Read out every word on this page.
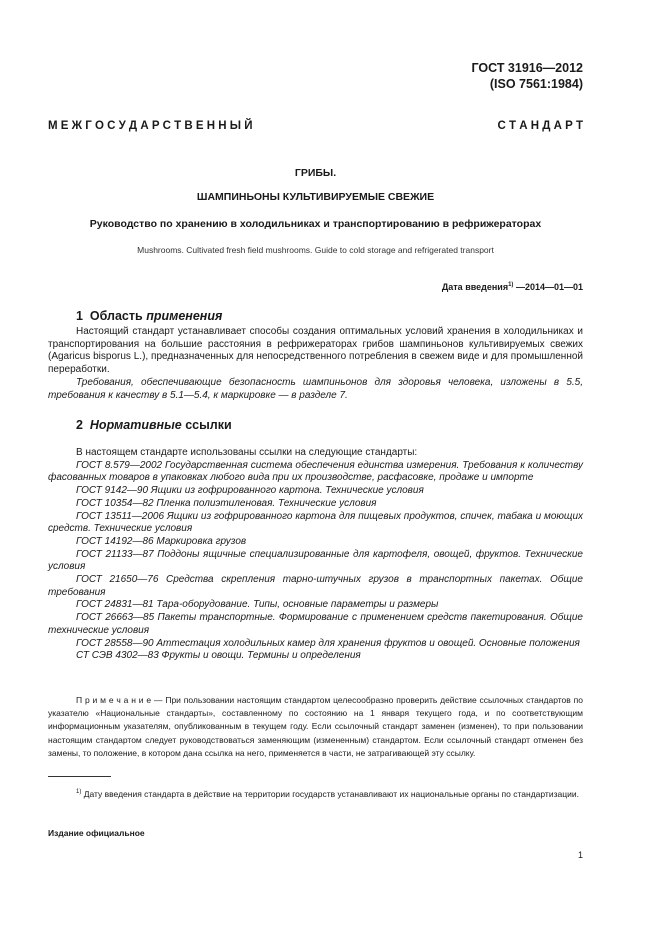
ГОСТ 31916—2012
(ISO 7561:1984)
М Е Ж Г О С У Д А Р С Т В Е Н Н Ы Й	С Т А Н Д А Р Т
ГРИБЫ.
ШАМПИНЬОНЫ КУЛЬТИВИРУЕМЫЕ СВЕЖИЕ
Руководство по хранению в холодильниках и транспортированию в рефрижераторах
Mushrooms. Cultivated fresh field mushrooms. Guide to cold storage and refrigerated transport
Дата введения$^{1)}$ —2014—01—01
1 Область применения

Настоящий стандарт устанавливает способы создания оптимальных условий хранения в холодильниках и транспортирования на большие расстояния в рефрижераторах грибов шампиньонов культивируемых свежих (Agaricus bisporus L.), предназначенных для непосредственного потребления в свежем виде и для промышленной переработки.

Требования, обеспечивающие безопасность шампиньонов для здоровья человека, изложены в 5.5, требования к качеству в 5.1—5.4, к маркировке — в разделе 7.

2 Нормативные ссылки

В настоящем стандарте использованы ссылки на следующие стандарты:

ГОСТ 8.579—2002 Государственная система обеспечения единства измерения. Требования к количеству фасованных товаров в упаковках любого вида при их производстве, расфасовке, продаже и импорте

ГОСТ 9142—90 Ящики из гофрированного картона. Технические условия

ГОСТ 10354—82 Пленка полиэтиленовая. Технические условия

ГОСТ 13511—2006 Ящики из гофрированного картона для пищевых продуктов, спичек, табака и моющих средств. Технические условия

ГОСТ 14192—86 Маркировка грузов

ГОСТ 21133—87 Поддоны ящичные специализированные для картофеля, овощей, фруктов. Технические условия

ГОСТ 21650—76 Средства скрепления тарно-штучных грузов в транспортных пакетах. Общие требования

ГОСТ 24831—81 Тара-оборудование. Типы, основные параметры и размеры

ГОСТ 26663—85 Пакеты транспортные. Формирование с применением средств пакетирования. Общие технические условия

ГОСТ 28558—90 Аттестация холодильных камер для хранения фруктов и овощей. Основные положения

СТ СЭВ 4302—83 Фрукты и овощи. Термины и определения

П р и м е ч а н и е — При пользовании настоящим стандартом целесообразно проверить действие ссылочных стандартов по указателю «Национальные стандарты», составленному по состоянию на 1 января текущего года, и по соответствующим информационным указателям, опубликованным в текущем году. Если ссылочный стандарт заменен (изменен), то при пользовании настоящим стандартом следует руководствоваться заменяющим (измененным) стандартом. Если ссылочный стандарт отменен без замены, то положение, в котором дана ссылка на него, применяется в части, не затрагивающей эту ссылку.
$^{1)}$ Дату введения стандарта в действие на территории государств устанавливают их национальные органы по стандартизации.
Издание официальное
1
